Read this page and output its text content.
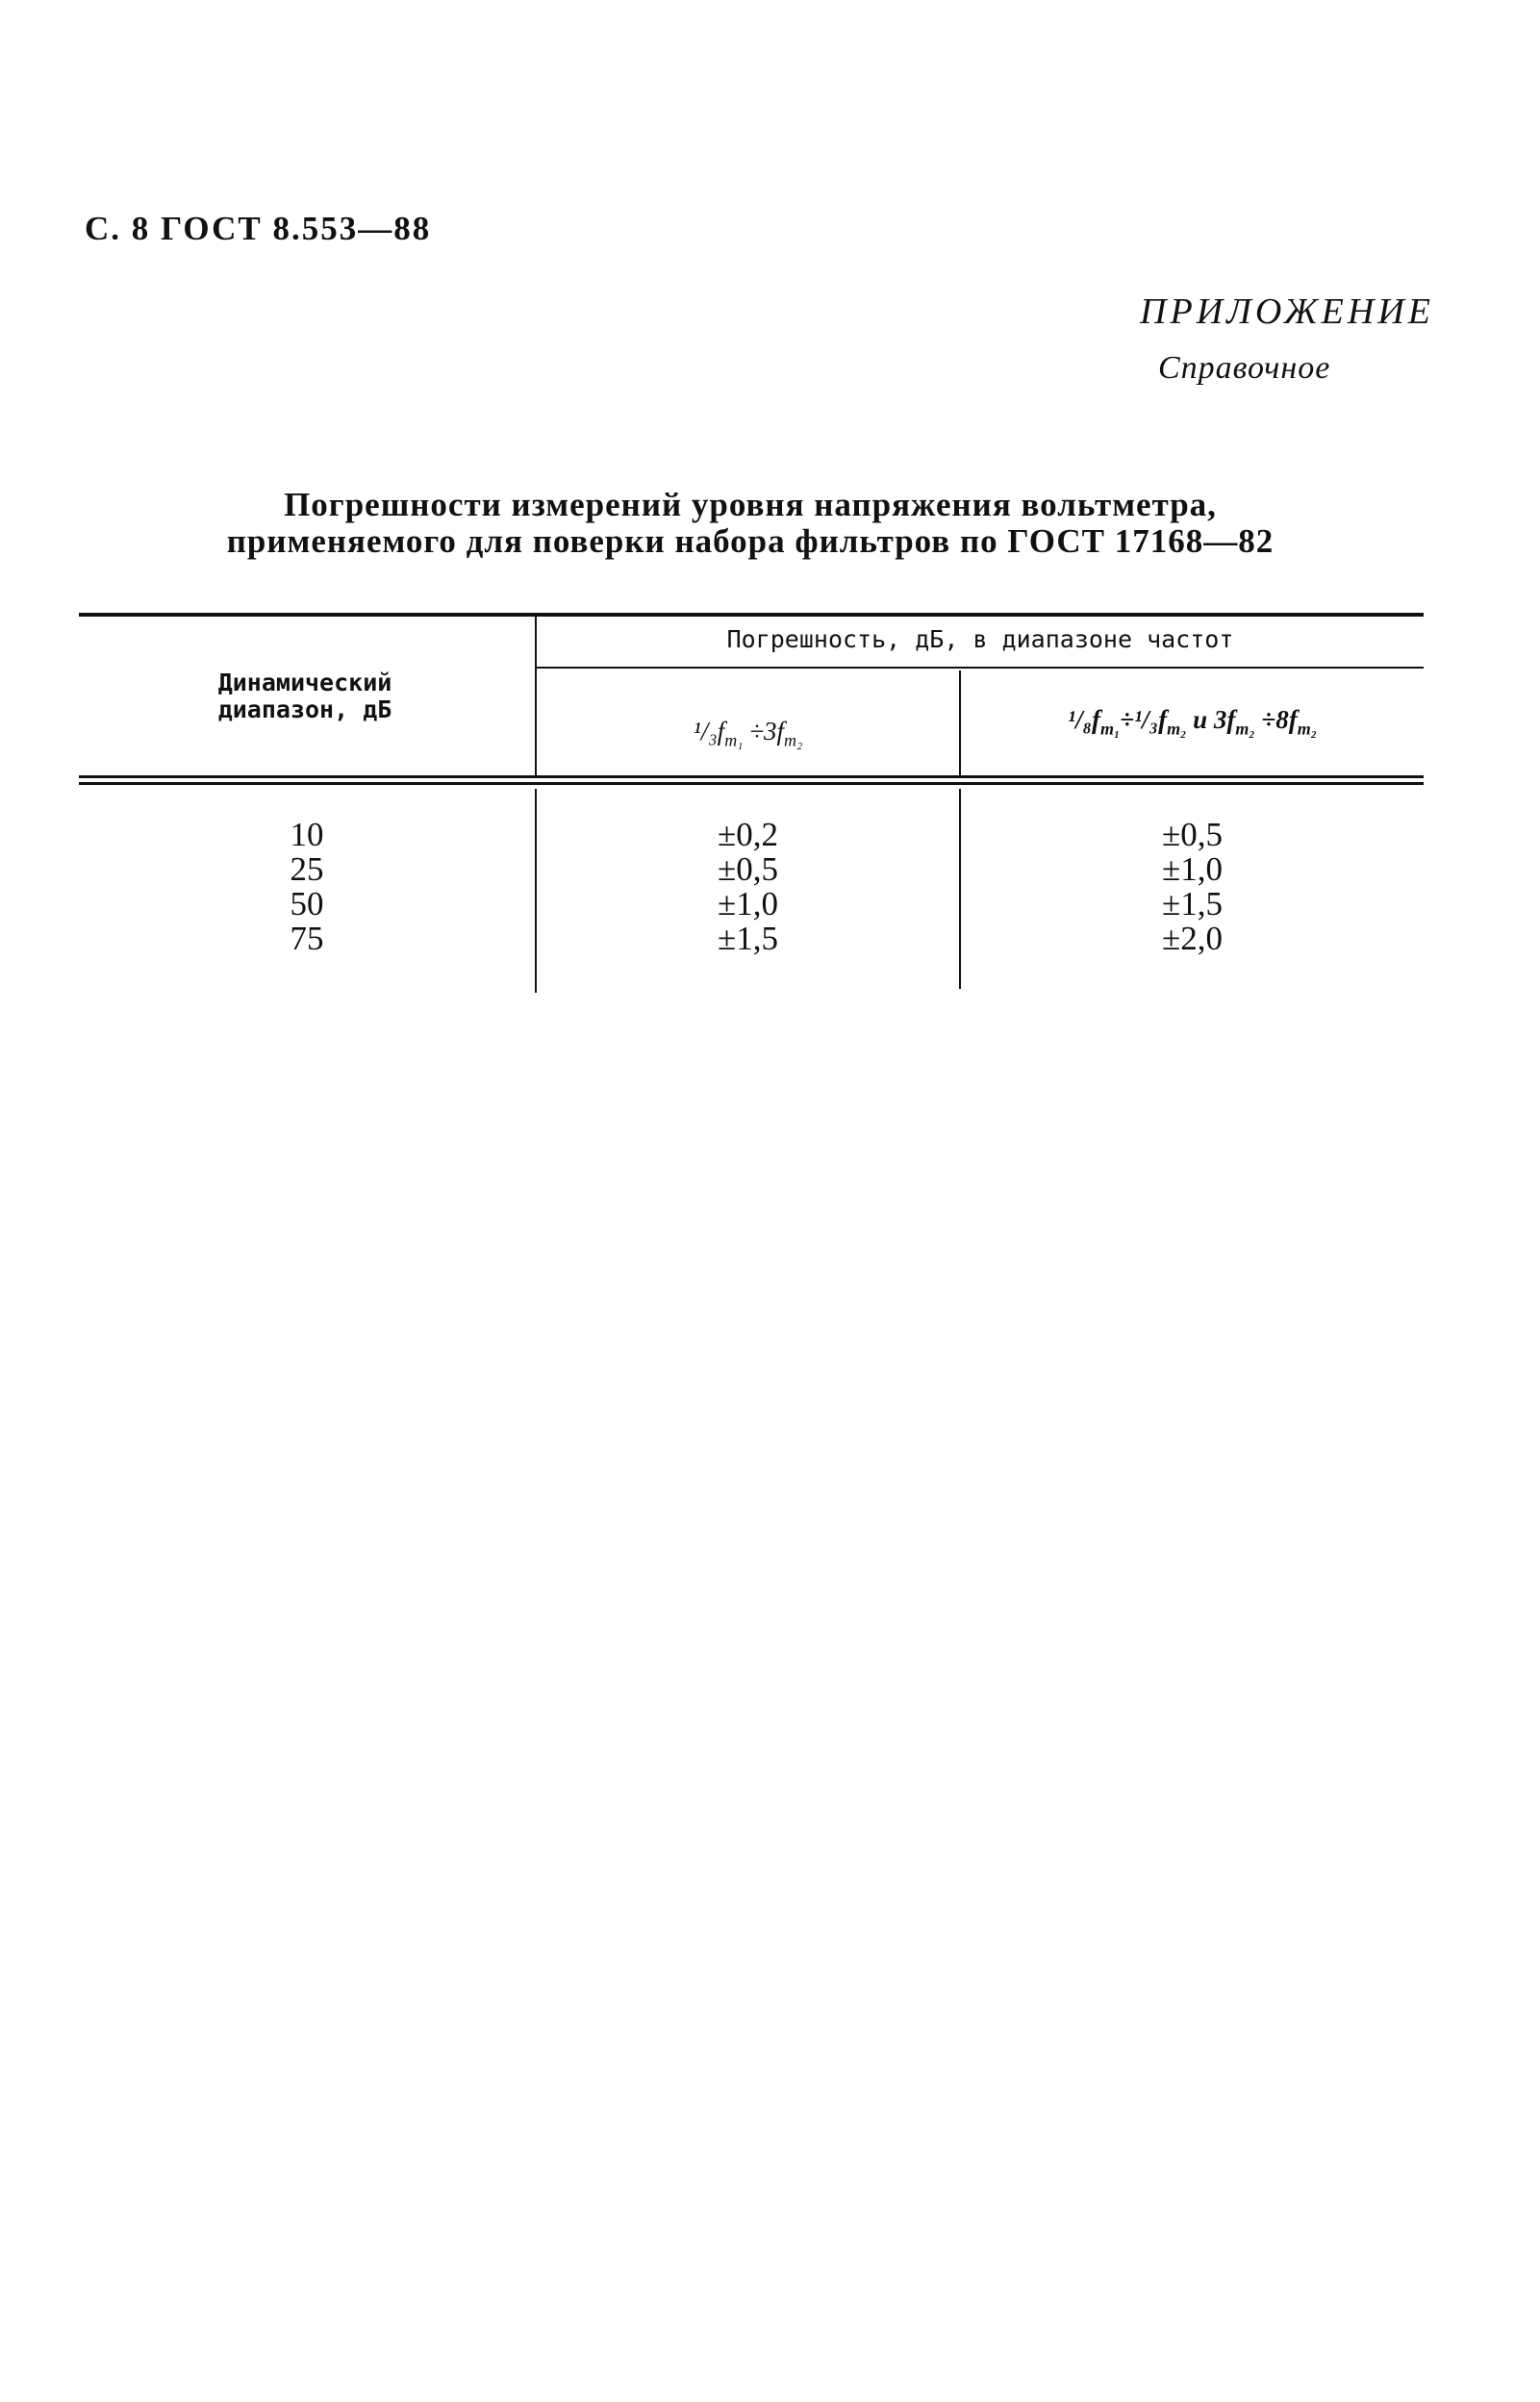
С. 8 ГОСТ 8.553—88
ПРИЛОЖЕНИЕ
Справочное
Погрешности измерений уровня напряжения вольтметра,
применяемого для поверки набора фильтров по ГОСТ 17168—82
Динамический
диапазон, дБ
Погрешность, дБ, в диапазоне частот
$^1/_3f_{m_1} \div 3f_{m_2}$
$^1/_8f_{m_1}\div^1/_3f_{m_2}$ и $3f_{m_2} \div 8f_{m_2}$
10
25
50
75
±0,2
±0,5
±1,0
±1,5
±0,5
±1,0
±1,5
±2,0
